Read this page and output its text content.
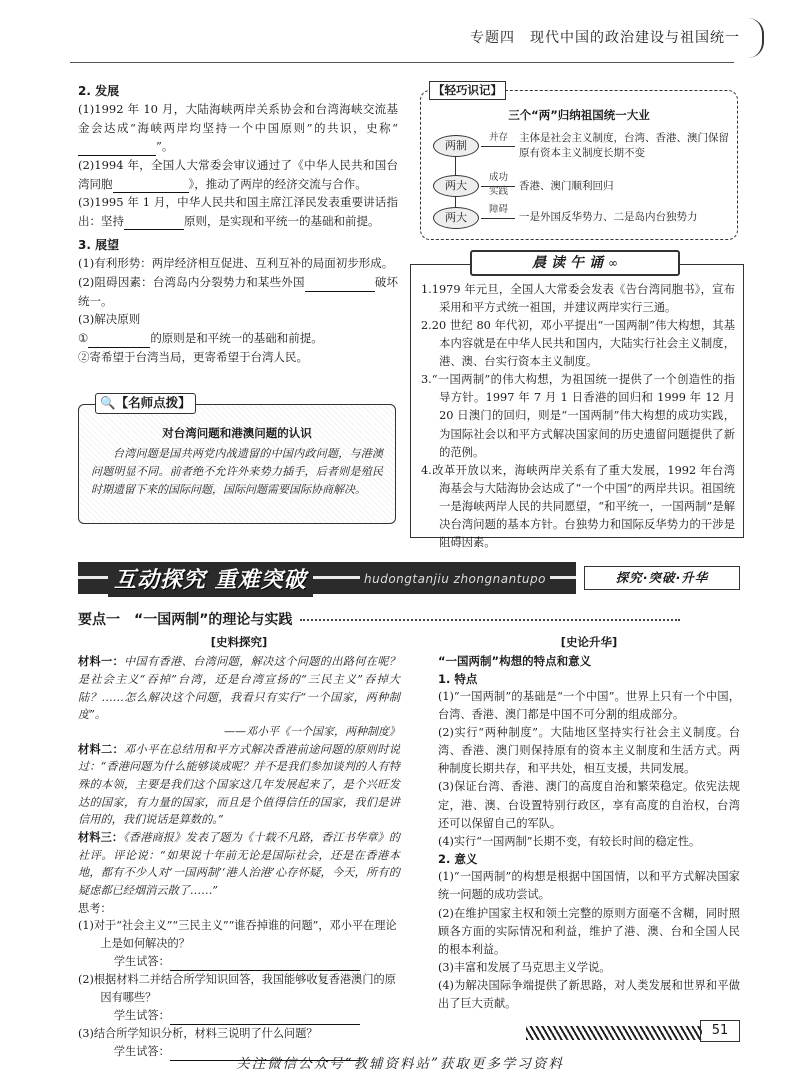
专题四　现代中国的政治建设与祖国统一
2. 发展

(1)1992 年 10 月，大陆海峡两岸关系协会和台湾海峡交流基金会达成“海峡两岸均坚持一个中国原则”的共识，史称“”。

(2)1994 年，全国人大常委会审议通过了《中华人民共和国台湾同胞	》，推动了两岸的经济交流与合作。

(3)1995 年 1 月，中华人民共和国主席江泽民发表重要讲话指出：坚持	原则，是实现和平统一的基础和前提。

3. 展望

(1)有利形势：两岸经济相互促进、互利互补的局面初步形成。

(2)阻碍因素：台湾岛内分裂势力和某些外国	破坏统一。

(3)解决原则

①	的原则是和平统一的基础和前提。

②寄希望于台湾当局，更寄希望于台湾人民。

🔍【名师点拨】
对台湾问题和港澳问题的认识
台湾问题是国共两党内战遗留的中国内政问题，与港澳问题明显不同。前者绝不允许外来势力插手，后者则是殖民时期遗留下来的国际问题，国际问题需要国际协商解决。
【轻巧识记】
三个“两”归纳祖国统一大业
两制
并存 主体是社会主义制度，台湾、香港、澳门保留原有资本主义制度长期不变
两大
成功
实践 香港、澳门顺利回归
两大
障碍
一是外国反华势力、二是岛内台独势力

1.1979 年元旦，全国人大常委会发表《告台湾同胞书》，宣布采用和平方式统一祖国，并建议两岸实行三通。

2.20 世纪 80 年代初，邓小平提出“一国两制”伟大构想，其基本内容就是在中华人民共和国内，大陆实行社会主义制度，港、澳、台实行资本主义制度。

3.“一国两制”的伟大构想，为祖国统一提供了一个创造性的指导方针。1997 年 7 月 1 日香港的回归和 1999 年 12 月 20 日澳门的回归，则是“一国两制”伟大构想的成功实践，为国际社会以和平方式解决国家间的历史遗留问题提供了新的范例。

4.改革开放以来，海峡两岸关系有了重大发展，1992 年台湾海基会与大陆海协会达成了“一个中国”的两岸共识。祖国统一是海峡两岸人民的共同愿望，“和平统一，一国两制”是解决台湾问题的基本方针。台独势力和国际反华势力的干涉是阻碍因素。

晨读午诵∞
互动探究 重难突破	hudongtanjiu zhongnantupo	探究·突破·升华
要点一　“一国两制”的理论与实践
[史料探究]

材料一：中国有香港、台湾问题，解决这个问题的出路何在呢？是社会主义“吞掉”台湾，还是台湾宣扬的“三民主义”吞掉大陆？……怎么解决这个问题，我看只有实行“一个国家，两种制度”。

——邓小平《一个国家，两种制度》

材料二：邓小平在总结用和平方式解决香港前途问题的原则时说过：“香港问题为什么能够谈成呢？并不是我们参加谈判的人有特殊的本领，主要是我们这个国家这几年发展起来了，是个兴旺发达的国家，有力量的国家，而且是个值得信任的国家，我们是讲信用的，我们说话是算数的。”

材料三：《香港商报》发表了题为《十载不凡路，香江书华章》的社评。评论说：“如果说十年前无论是国际社会，还是在香港本地，都有不少人对‘一国两制’‘港人治港’心存怀疑，今天，所有的疑虑都已经烟消云散了……”

思考：

(1)对于“社会主义”“三民主义”“谁吞掉谁的问题”，邓小平在理论上是如何解决的？

学生试答：

(2)根据材料二并结合所学知识回答，我国能够收复香港澳门的原因有哪些？

学生试答：

(3)结合所学知识分析，材料三说明了什么问题？

学生试答：

[史论升华]
“一国两制”构想的特点和意义
1. 特点

(1)“一国两制”的基础是“一个中国”。世界上只有一个中国，台湾、香港、澳门都是中国不可分割的组成部分。

(2)实行“两种制度”。大陆地区坚持实行社会主义制度。台湾、香港、澳门则保持原有的资本主义制度和生活方式。两种制度长期共存，和平共处，相互支援，共同发展。

(3)保证台湾、香港、澳门的高度自治和繁荣稳定。依宪法规定，港、澳、台设置特别行政区，享有高度的自治权，台湾还可以保留自己的军队。

(4)实行“一国两制”长期不变，有较长时间的稳定性。

2. 意义

(1)“一国两制”的构想是根据中国国情，以和平方式解决国家统一问题的成功尝试。

(2)在维护国家主权和领土完整的原则方面毫不含糊，同时照顾各方面的实际情况和利益，维护了港、澳、台和全国人民的根本利益。

(3)丰富和发展了马克思主义学说。

(4)为解决国际争端提供了新思路，对人类发展和世界和平做出了巨大贡献。

51
关注微信公众号“教辅资料站”获取更多学习资料
